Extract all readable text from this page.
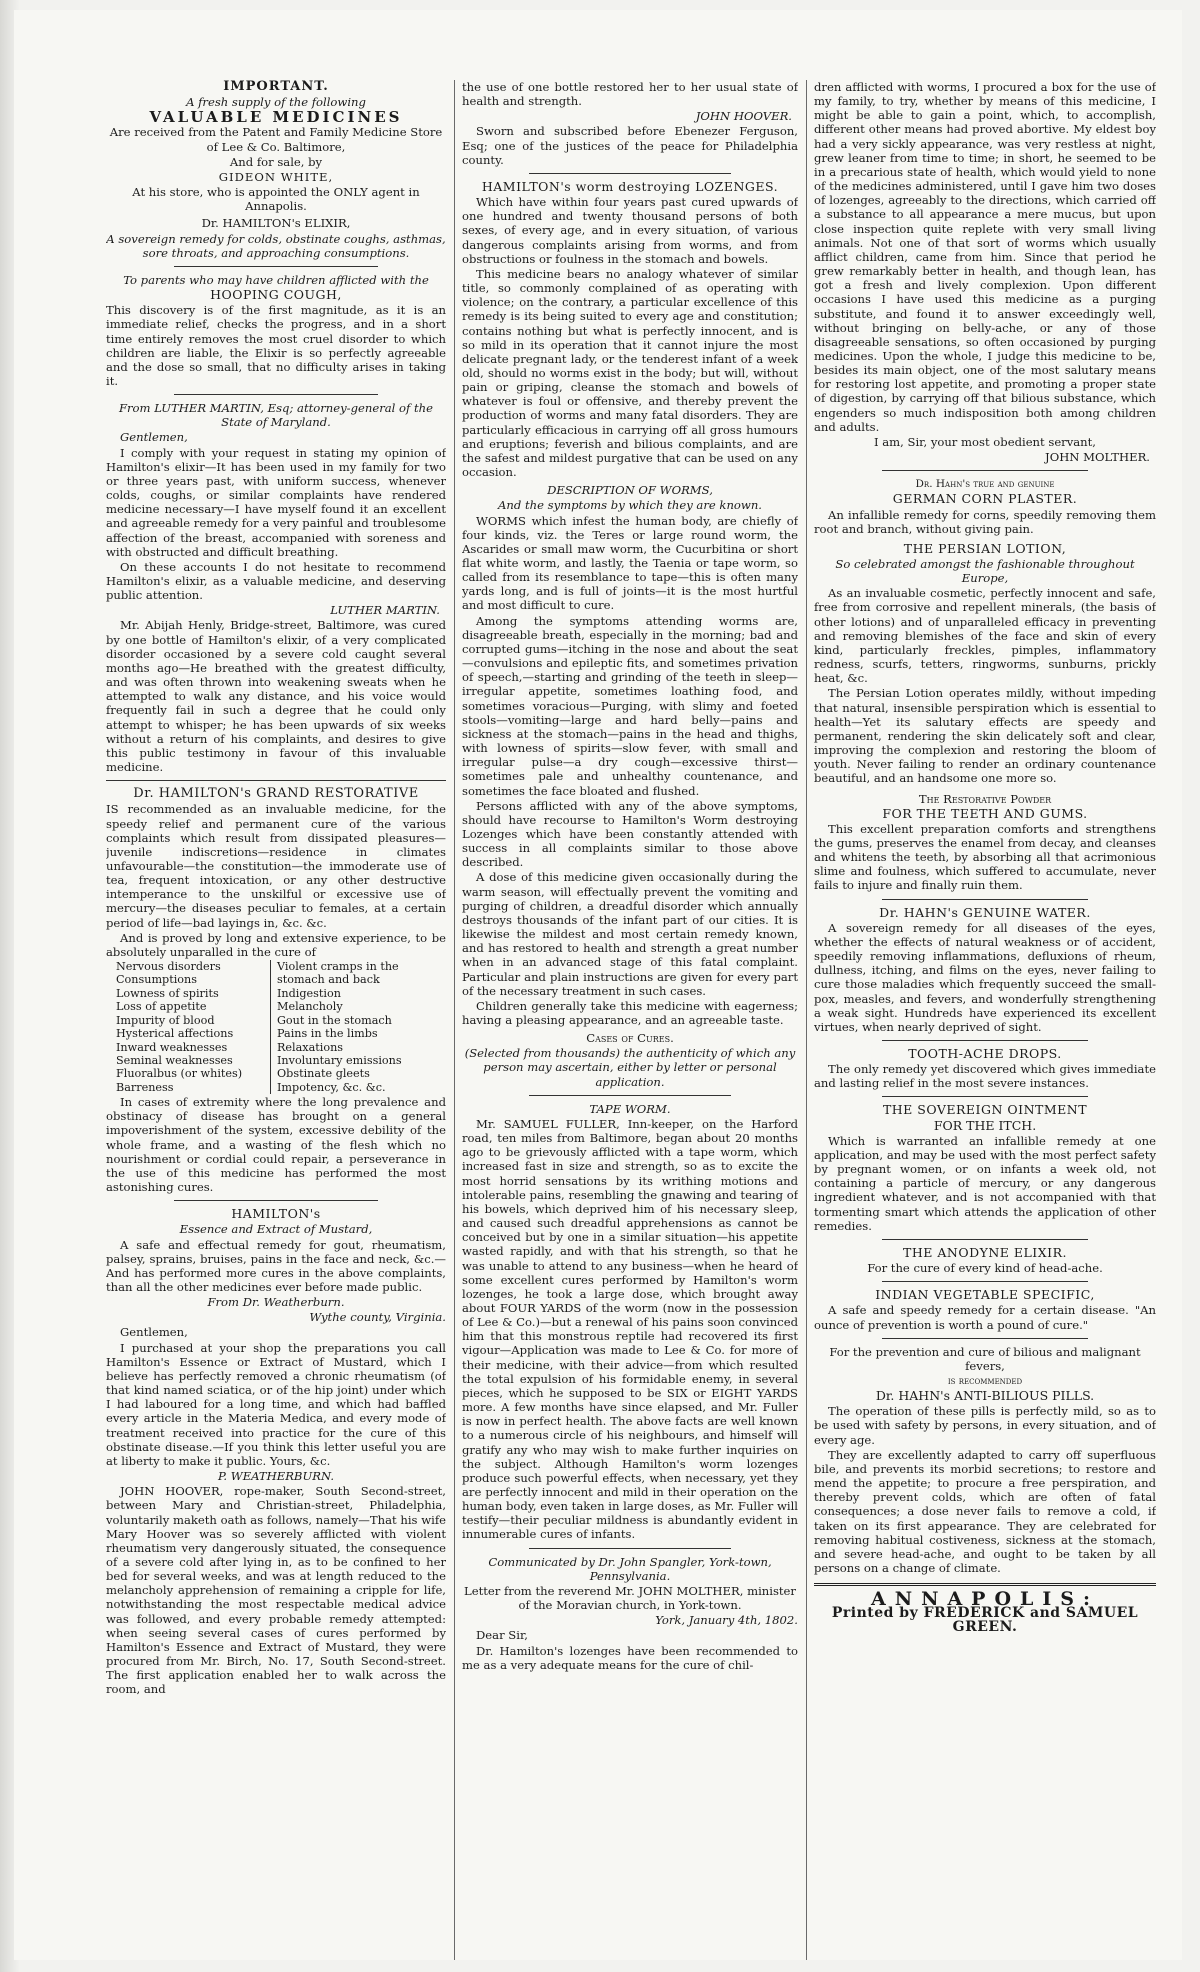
IMPORTANT.

A fresh supply of the following

VALUABLE MEDICINES

Are received from the Patent and Family Medicine Store of Lee & Co. Baltimore,

And for sale, by

GIDEON WHITE,

At his store, who is appointed the ONLY agent in Annapolis.

Dr. HAMILTON's ELIXIR,

A sovereign remedy for colds, obstinate coughs, asthmas, sore throats, and approaching consumptions.

To parents who may have children afflicted with the

HOOPING COUGH,

This discovery is of the first magnitude, as it is an immediate relief, checks the progress, and in a short time entirely removes the most cruel disorder to which children are liable, the Elixir is so perfectly agreeable and the dose so small, that no difficulty arises in taking it.

From LUTHER MARTIN, Esq; attorney-general of the State of Maryland.

Gentlemen,

I comply with your request in stating my opinion of Hamilton's elixir—It has been used in my family for two or three years past, with uniform success, whenever colds, coughs, or similar complaints have rendered medicine necessary—I have myself found it an excellent and agreeable remedy for a very painful and troublesome affection of the breast, accompanied with soreness and with obstructed and difficult breathing.

On these accounts I do not hesitate to recommend Hamilton's elixir, as a valuable medicine, and deserving public attention.

LUTHER MARTIN.

Mr. Abijah Henly, Bridge-street, Baltimore, was cured by one bottle of Hamilton's elixir, of a very complicated disorder occasioned by a severe cold caught several months ago—He breathed with the greatest difficulty, and was often thrown into weakening sweats when he attempted to walk any distance, and his voice would frequently fail in such a degree that he could only attempt to whisper; he has been upwards of six weeks without a return of his complaints, and desires to give this public testimony in favour of this invaluable medicine.

Dr. HAMILTON's GRAND RESTORATIVE

IS recommended as an invaluable medicine, for the speedy relief and permanent cure of the various complaints which result from dissipated pleasures—juvenile indiscretions—residence in climates unfavourable—the constitution—the immoderate use of tea, frequent intoxication, or any other destructive intemperance to the unskilful or excessive use of mercury—the diseases peculiar to females, at a certain period of life—bad layings in, &c. &c.

And is proved by long and extensive experience, to be absolutely unparalled in the cure of

Nervous disorders
Consumptions
Lowness of spirits
Loss of appetite
Impurity of blood
Hysterical affections
Inward weaknesses
Seminal weaknesses
Fluoralbus (or whites)
Barreness
Violent cramps in the
stomach and back
Indigestion
Melancholy
Gout in the stomach
Pains in the limbs
Relaxations
Involuntary emissions
Obstinate gleets
Impotency, &c. &c.

In cases of extremity where the long prevalence and obstinacy of disease has brought on a general impoverishment of the system, excessive debility of the whole frame, and a wasting of the flesh which no nourishment or cordial could repair, a perseverance in the use of this medicine has performed the most astonishing cures.

HAMILTON's

Essence and Extract of Mustard,

A safe and effectual remedy for gout, rheumatism, palsey, sprains, bruises, pains in the face and neck, &c.—And has performed more cures in the above complaints, than all the other medicines ever before made public.

From Dr. Weatherburn.

Wythe county, Virginia.

Gentlemen,

I purchased at your shop the preparations you call Hamilton's Essence or Extract of Mustard, which I believe has perfectly removed a chronic rheumatism (of that kind named sciatica, or of the hip joint) under which I had laboured for a long time, and which had baffled every article in the Materia Medica, and every mode of treatment received into practice for the cure of this obstinate disease.—If you think this letter useful you are at liberty to make it public. Yours, &c.

P. WEATHERBURN.

JOHN HOOVER, rope-maker, South Second-street, between Mary and Christian-street, Philadelphia, voluntarily maketh oath as follows, namely—That his wife Mary Hoover was so severely afflicted with violent rheumatism very dangerously situated, the consequence of a severe cold after lying in, as to be confined to her bed for several weeks, and was at length reduced to the melancholy apprehension of remaining a cripple for life, notwithstanding the most respectable medical advice was followed, and every probable remedy attempted: when seeing several cases of cures performed by Hamilton's Essence and Extract of Mustard, they were procured from Mr. Birch, No. 17, South Second-street. The first application enabled her to walk across the room, and

the use of one bottle restored her to her usual state of health and strength.

JOHN HOOVER.

Sworn and subscribed before Ebenezer Ferguson, Esq; one of the justices of the peace for Philadelphia county.

HAMILTON's worm destroying LOZENGES.

Which have within four years past cured upwards of one hundred and twenty thousand persons of both sexes, of every age, and in every situation, of various dangerous complaints arising from worms, and from obstructions or foulness in the stomach and bowels.

This medicine bears no analogy whatever of similar title, so commonly complained of as operating with violence; on the contrary, a particular excellence of this remedy is its being suited to every age and constitution; contains nothing but what is perfectly innocent, and is so mild in its operation that it cannot injure the most delicate pregnant lady, or the tenderest infant of a week old, should no worms exist in the body; but will, without pain or griping, cleanse the stomach and bowels of whatever is foul or offensive, and thereby prevent the production of worms and many fatal disorders. They are particularly efficacious in carrying off all gross humours and eruptions; feverish and bilious complaints, and are the safest and mildest purgative that can be used on any occasion.

DESCRIPTION OF WORMS,

And the symptoms by which they are known.

WORMS which infest the human body, are chiefly of four kinds, viz. the Teres or large round worm, the Ascarides or small maw worm, the Cucurbitina or short flat white worm, and lastly, the Taenia or tape worm, so called from its resemblance to tape—this is often many yards long, and is full of joints—it is the most hurtful and most difficult to cure.

Among the symptoms attending worms are, disagreeable breath, especially in the morning; bad and corrupted gums—itching in the nose and about the seat—convulsions and epileptic fits, and sometimes privation of speech,—starting and grinding of the teeth in sleep—irregular appetite, sometimes loathing food, and sometimes voracious—Purging, with slimy and foeted stools—vomiting—large and hard belly—pains and sickness at the stomach—pains in the head and thighs, with lowness of spirits—slow fever, with small and irregular pulse—a dry cough—excessive thirst—sometimes pale and unhealthy countenance, and sometimes the face bloated and flushed.

Persons afflicted with any of the above symptoms, should have recourse to Hamilton's Worm destroying Lozenges which have been constantly attended with success in all complaints similar to those above described.

A dose of this medicine given occasionally during the warm season, will effectually prevent the vomiting and purging of children, a dreadful disorder which annually destroys thousands of the infant part of our cities. It is likewise the mildest and most certain remedy known, and has restored to health and strength a great number when in an advanced stage of this fatal complaint. Particular and plain instructions are given for every part of the necessary treatment in such cases.

Children generally take this medicine with eagerness; having a pleasing appearance, and an agreeable taste.

Cases of Cures.

(Selected from thousands) the authenticity of which any person may ascertain, either by letter or personal application.

TAPE WORM.

Mr. SAMUEL FULLER, Inn-keeper, on the Harford road, ten miles from Baltimore, began about 20 months ago to be grievously afflicted with a tape worm, which increased fast in size and strength, so as to excite the most horrid sensations by its writhing motions and intolerable pains, resembling the gnawing and tearing of his bowels, which deprived him of his necessary sleep, and caused such dreadful apprehensions as cannot be conceived but by one in a similar situation—his appetite wasted rapidly, and with that his strength, so that he was unable to attend to any business—when he heard of some excellent cures performed by Hamilton's worm lozenges, he took a large dose, which brought away about FOUR YARDS of the worm (now in the possession of Lee & Co.)—but a renewal of his pains soon convinced him that this monstrous reptile had recovered its first vigour—Application was made to Lee & Co. for more of their medicine, with their advice—from which resulted the total expulsion of his formidable enemy, in several pieces, which he supposed to be SIX or EIGHT YARDS more. A few months have since elapsed, and Mr. Fuller is now in perfect health. The above facts are well known to a numerous circle of his neighbours, and himself will gratify any who may wish to make further inquiries on the subject. Although Hamilton's worm lozenges produce such powerful effects, when necessary, yet they are perfectly innocent and mild in their operation on the human body, even taken in large doses, as Mr. Fuller will testify—their peculiar mildness is abundantly evident in innumerable cures of infants.

Communicated by Dr. John Spangler, York-town, Pennsylvania.

Letter from the reverend Mr. JOHN MOLTHER, minister of the Moravian church, in York-town.

York, January 4th, 1802.

Dear Sir,

Dr. Hamilton's lozenges have been recommended to me as a very adequate means for the cure of chil-

dren afflicted with worms, I procured a box for the use of my family, to try, whether by means of this medicine, I might be able to gain a point, which, to accomplish, different other means had proved abortive. My eldest boy had a very sickly appearance, was very restless at night, grew leaner from time to time; in short, he seemed to be in a precarious state of health, which would yield to none of the medicines administered, until I gave him two doses of lozenges, agreeably to the directions, which carried off a substance to all appearance a mere mucus, but upon close inspection quite replete with very small living animals. Not one of that sort of worms which usually afflict children, came from him. Since that period he grew remarkably better in health, and though lean, has got a fresh and lively complexion. Upon different occasions I have used this medicine as a purging substitute, and found it to answer exceedingly well, without bringing on belly-ache, or any of those disagreeable sensations, so often occasioned by purging medicines. Upon the whole, I judge this medicine to be, besides its main object, one of the most salutary means for restoring lost appetite, and promoting a proper state of digestion, by carrying off that bilious substance, which engenders so much indisposition both among children and adults.

I am, Sir, your most obedient servant,

JOHN MOLTHER.

Dr. Hahn's true and genuine

GERMAN CORN PLASTER.

An infallible remedy for corns, speedily removing them root and branch, without giving pain.

THE PERSIAN LOTION,

So celebrated amongst the fashionable throughout Europe,

As an invaluable cosmetic, perfectly innocent and safe, free from corrosive and repellent minerals, (the basis of other lotions) and of unparalleled efficacy in preventing and removing blemishes of the face and skin of every kind, particularly freckles, pimples, inflammatory redness, scurfs, tetters, ringworms, sunburns, prickly heat, &c.

The Persian Lotion operates mildly, without impeding that natural, insensible perspiration which is essential to health—Yet its salutary effects are speedy and permanent, rendering the skin delicately soft and clear, improving the complexion and restoring the bloom of youth. Never failing to render an ordinary countenance beautiful, and an handsome one more so.

The Restorative Powder

FOR THE TEETH AND GUMS.

This excellent preparation comforts and strengthens the gums, preserves the enamel from decay, and cleanses and whitens the teeth, by absorbing all that acrimonious slime and foulness, which suffered to accumulate, never fails to injure and finally ruin them.

Dr. HAHN's GENUINE WATER.

A sovereign remedy for all diseases of the eyes, whether the effects of natural weakness or of accident, speedily removing inflammations, defluxions of rheum, dullness, itching, and films on the eyes, never failing to cure those maladies which frequently succeed the small-pox, measles, and fevers, and wonderfully strengthening a weak sight. Hundreds have experienced its excellent virtues, when nearly deprived of sight.

TOOTH-ACHE DROPS.

The only remedy yet discovered which gives immediate and lasting relief in the most severe instances.

THE SOVEREIGN OINTMENT

FOR THE ITCH.

Which is warranted an infallible remedy at one application, and may be used with the most perfect safety by pregnant women, or on infants a week old, not containing a particle of mercury, or any dangerous ingredient whatever, and is not accompanied with that tormenting smart which attends the application of other remedies.

THE ANODYNE ELIXIR.

For the cure of every kind of head-ache.

INDIAN VEGETABLE SPECIFIC,

A safe and speedy remedy for a certain disease. "An ounce of prevention is worth a pound of cure."

For the prevention and cure of bilious and malignant fevers,

is recommended

Dr. HAHN's ANTI-BILIOUS PILLS.

The operation of these pills is perfectly mild, so as to be used with safety by persons, in every situation, and of every age.

They are excellently adapted to carry off superfluous bile, and prevents its morbid secretions; to restore and mend the appetite; to procure a free perspiration, and thereby prevent colds, which are often of fatal consequences; a dose never fails to remove a cold, if taken on its first appearance. They are celebrated for removing habitual costiveness, sickness at the stomach, and severe head-ache, and ought to be taken by all persons on a change of climate.

ANNAPOLIS:
Printed by FREDERICK and SAMUEL
GREEN.
